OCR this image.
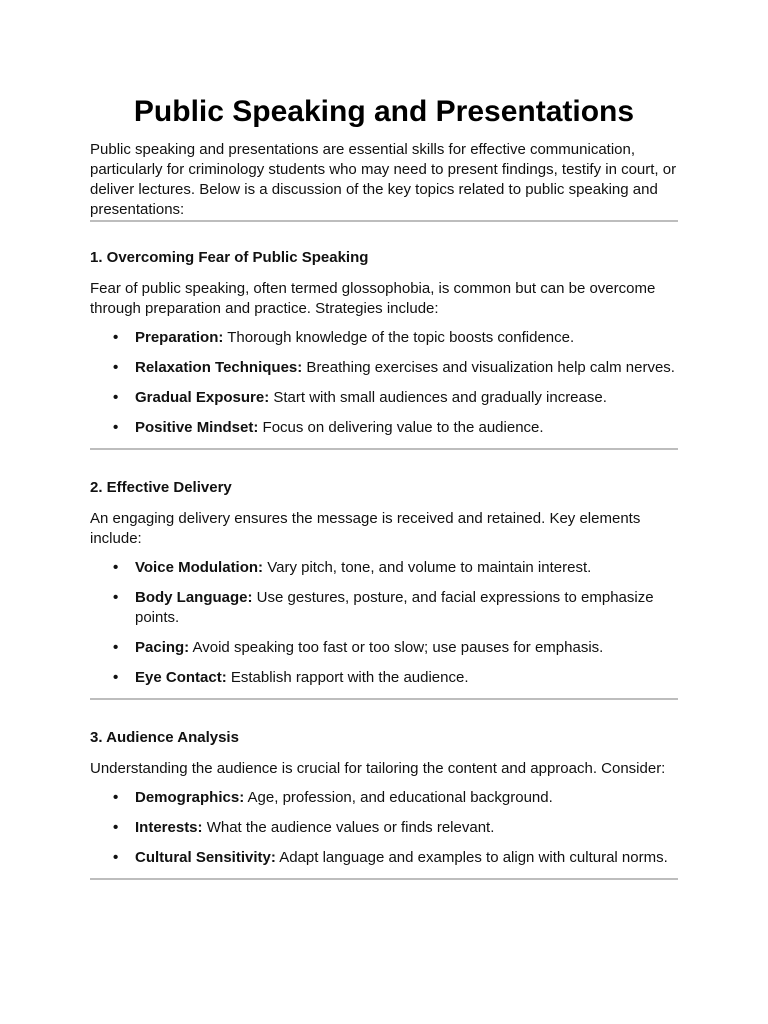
Public Speaking and Presentations

Public speaking and presentations are essential skills for effective communication, particularly for criminology students who may need to present findings, testify in court, or deliver lectures. Below is a discussion of the key topics related to public speaking and presentations:

1. Overcoming Fear of Public Speaking

Fear of public speaking, often termed glossophobia, is common but can be overcome through preparation and practice. Strategies include:

• Preparation: Thorough knowledge of the topic boosts confidence.
• Relaxation Techniques: Breathing exercises and visualization help calm nerves.
• Gradual Exposure: Start with small audiences and gradually increase.
• Positive Mindset: Focus on delivering value to the audience.
2. Effective Delivery

An engaging delivery ensures the message is received and retained. Key elements include:

• Voice Modulation: Vary pitch, tone, and volume to maintain interest.
• Body Language: Use gestures, posture, and facial expressions to emphasize points.
• Pacing: Avoid speaking too fast or too slow; use pauses for emphasis.
• Eye Contact: Establish rapport with the audience.
3. Audience Analysis

Understanding the audience is crucial for tailoring the content and approach. Consider:

• Demographics: Age, profession, and educational background.
• Interests: What the audience values or finds relevant.
• Cultural Sensitivity: Adapt language and examples to align with cultural norms.
